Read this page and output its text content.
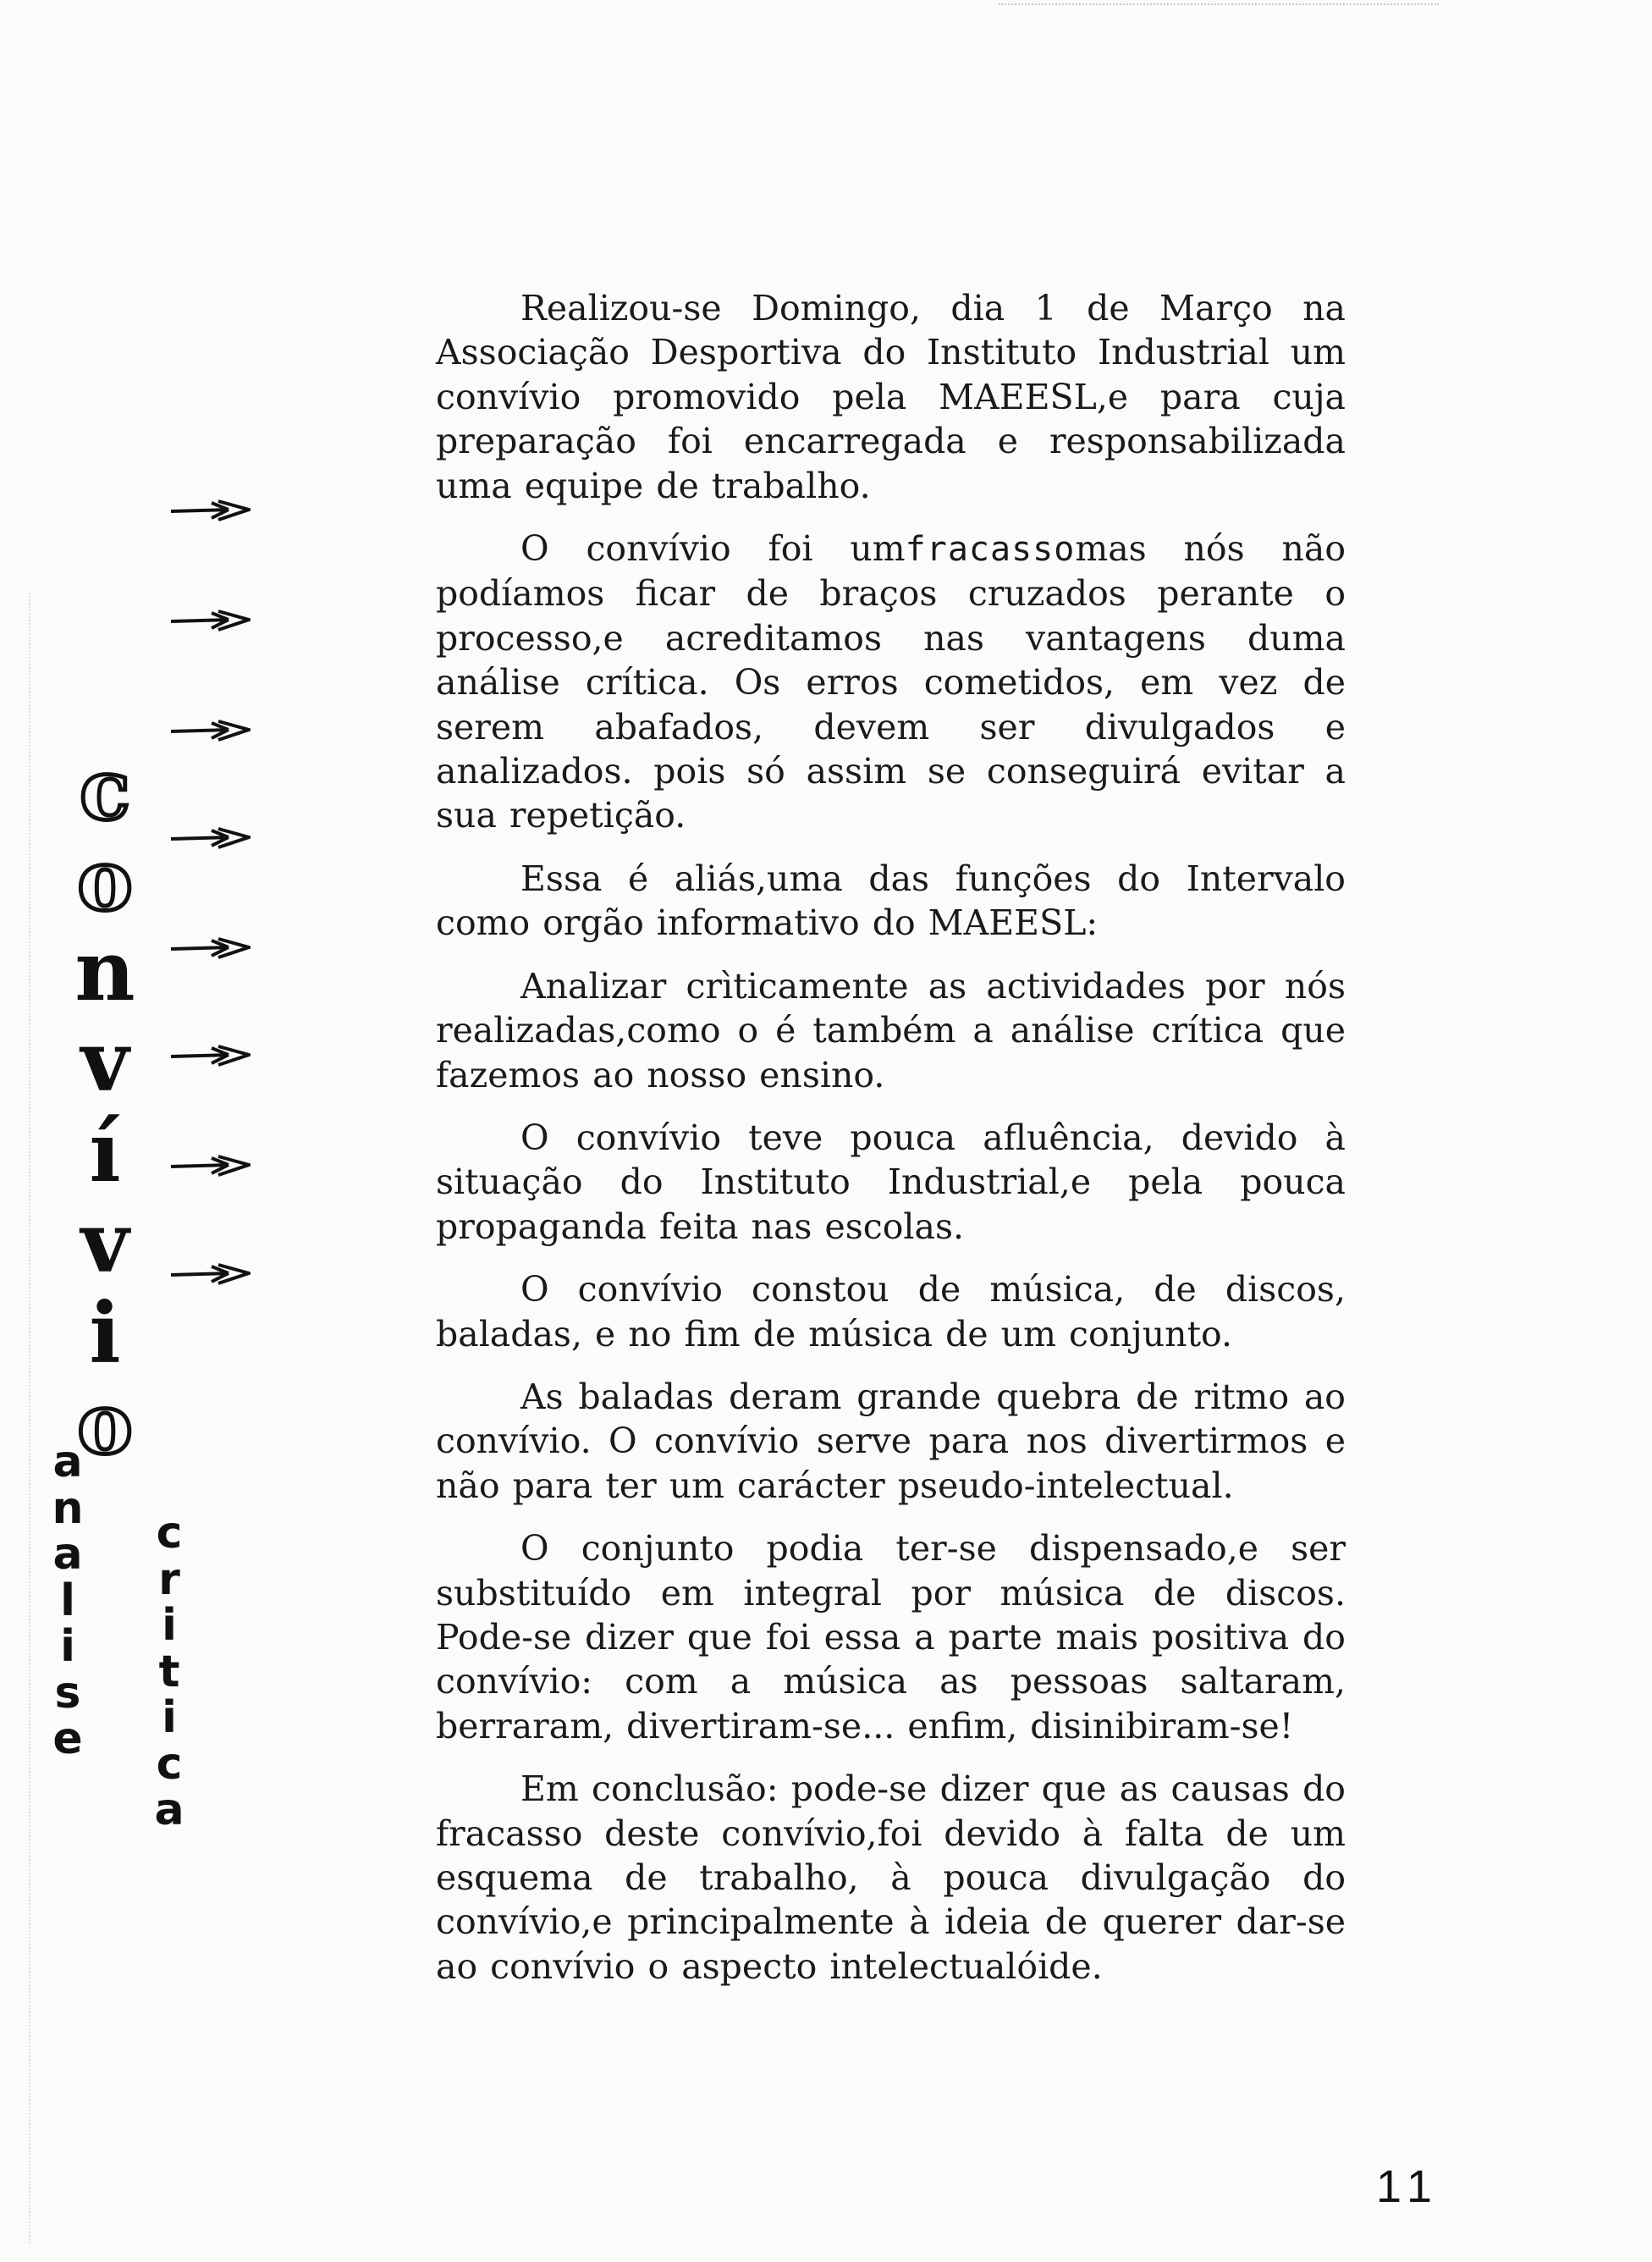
c
o
n
v
í
v
i
o
a
n
a
l
i
s
e
c
r
i
t
i
c
a

Realizou-se Domingo, dia 1 de Março na Associação Desportiva do Instituto Industrial um convívio promovido pela MAEESL,e para cuja preparação foi encarregada e responsabilizada uma equipe de trabalho.

O convívio foi umfracassomas nós não podíamos ficar de braços cruzados perante o processo,e acreditamos nas vantagens duma análise crítica. Os erros cometidos, em vez de serem abafados, devem ser divulgados e analizados. pois só assim se conseguirá evitar a sua repetição.

Essa é aliás,uma das funções do Intervalo como orgão informativo do MAEESL:

Analizar crìticamente as actividades por nós realizadas,como o é também a análise crítica que fazemos ao nosso ensino.

O convívio teve pouca afluência, devido à situação do Instituto Industrial,e pela pouca propaganda feita nas escolas.

O convívio constou de música, de discos, baladas, e no fim de música de um conjunto.

As baladas deram grande quebra de ritmo ao convívio. O convívio serve para nos divertirmos e não para ter um carácter pseudo-intelectual.

O conjunto podia ter-se dispensado,e ser substituído em integral por música de discos. Pode-se dizer que foi essa a parte mais positiva do convívio: com a música as pessoas saltaram, berraram, divertiram-se... enfim, disinibiram-se!

Em conclusão: pode-se dizer que as causas do fracasso deste convívio,foi devido à falta de um esquema de trabalho, à pouca divulgação do convívio,e principalmente à ideia de querer dar-se ao convívio o aspecto intelectualóide.

11
